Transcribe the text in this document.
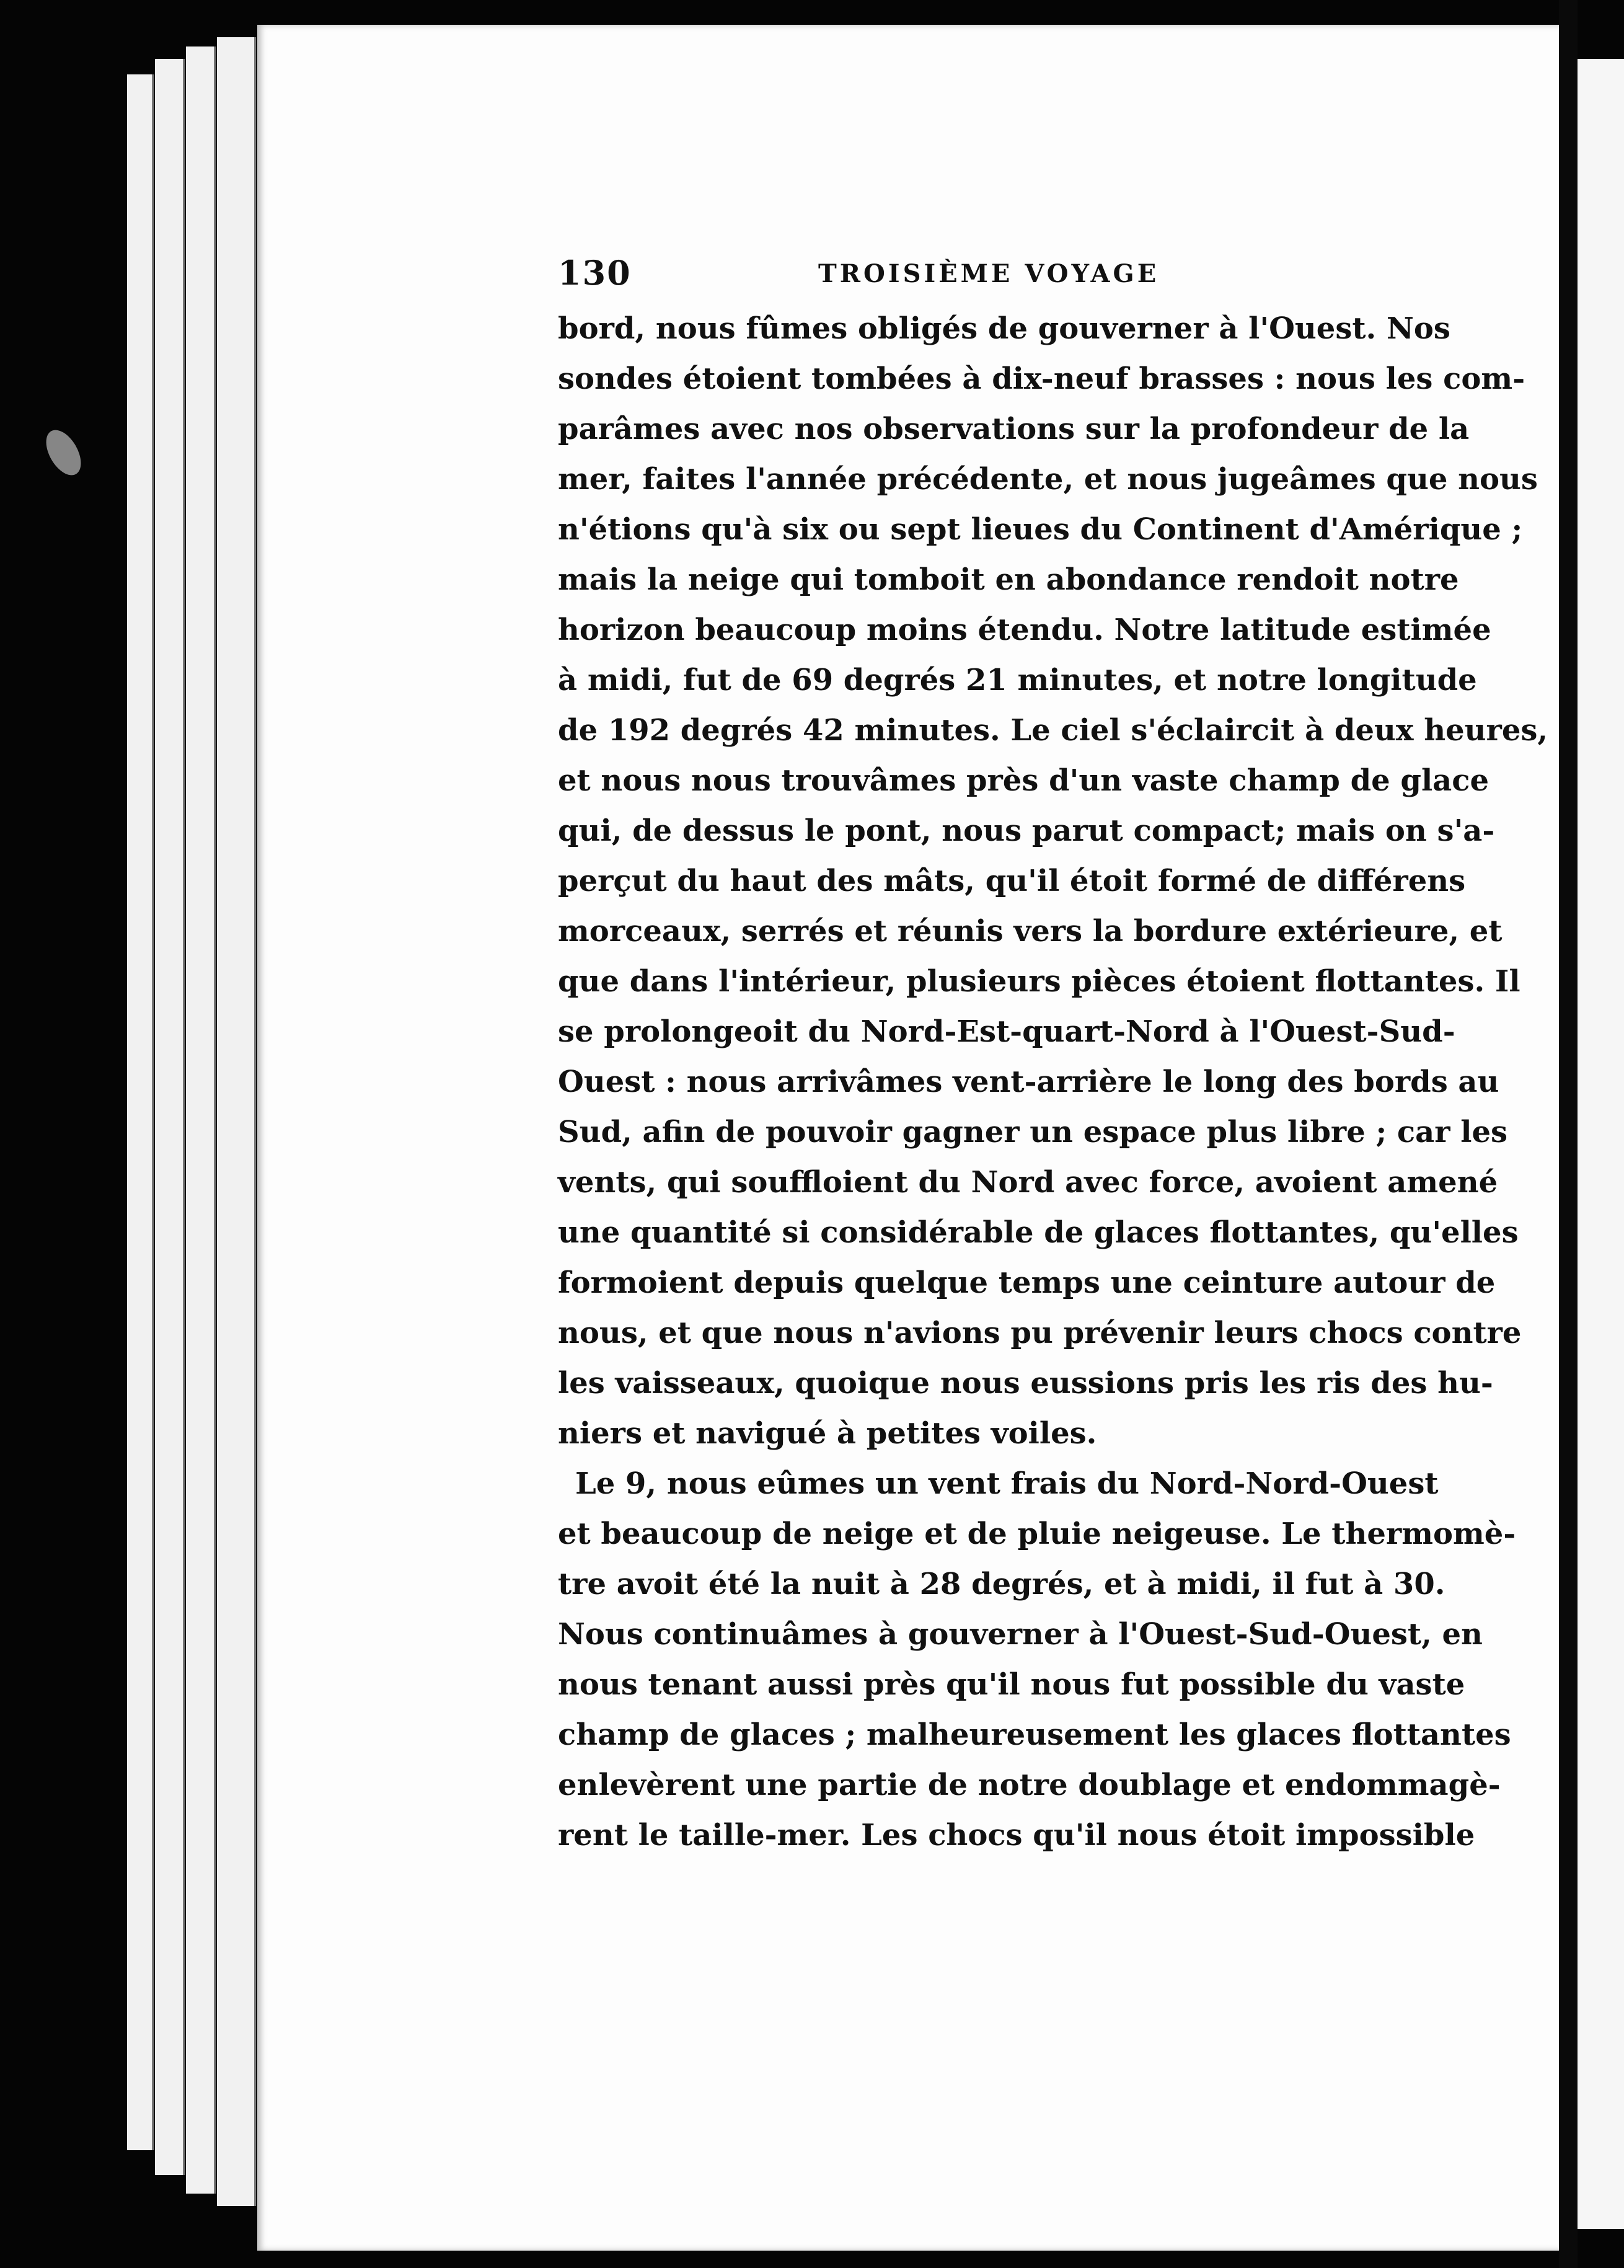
130	TROISIÈME VOYAGE
bord, nous fûmes obligés de gouverner à l'Ouest. Nos
sondes étoient tombées à dix-neuf brasses : nous les com-
parâmes avec nos observations sur la profondeur de la
mer, faites l'année précédente, et nous jugeâmes que nous
n'étions qu'à six ou sept lieues du Continent d'Amérique ;
mais la neige qui tomboit en abondance rendoit notre
horizon beaucoup moins étendu. Notre latitude estimée
à midi, fut de 69 degrés 21 minutes, et notre longitude
de 192 degrés 42 minutes. Le ciel s'éclaircit à deux heures,
et nous nous trouvâmes près d'un vaste champ de glace
qui, de dessus le pont, nous parut compact; mais on s'a-
perçut du haut des mâts, qu'il étoit formé de différens
morceaux, serrés et réunis vers la bordure extérieure, et
que dans l'intérieur, plusieurs pièces étoient flottantes. Il
se prolongeoit du Nord-Est-quart-Nord à l'Ouest-Sud-
Ouest : nous arrivâmes vent-arrière le long des bords au
Sud, afin de pouvoir gagner un espace plus libre ; car les
vents, qui souffloient du Nord avec force, avoient amené
une quantité si considérable de glaces flottantes, qu'elles
formoient depuis quelque temps une ceinture autour de
nous, et que nous n'avions pu prévenir leurs chocs contre
les vaisseaux, quoique nous eussions pris les ris des hu-
niers et navigué à petites voiles.
Le 9, nous eûmes un vent frais du Nord-Nord-Ouest
et beaucoup de neige et de pluie neigeuse. Le thermomè-
tre avoit été la nuit à 28 degrés, et à midi, il fut à 30.
Nous continuâmes à gouverner à l'Ouest-Sud-Ouest, en
nous tenant aussi près qu'il nous fut possible du vaste
champ de glaces ; malheureusement les glaces flottantes
enlevèrent une partie de notre doublage et endommagè-
rent le taille-mer. Les chocs qu'il nous étoit impossible
